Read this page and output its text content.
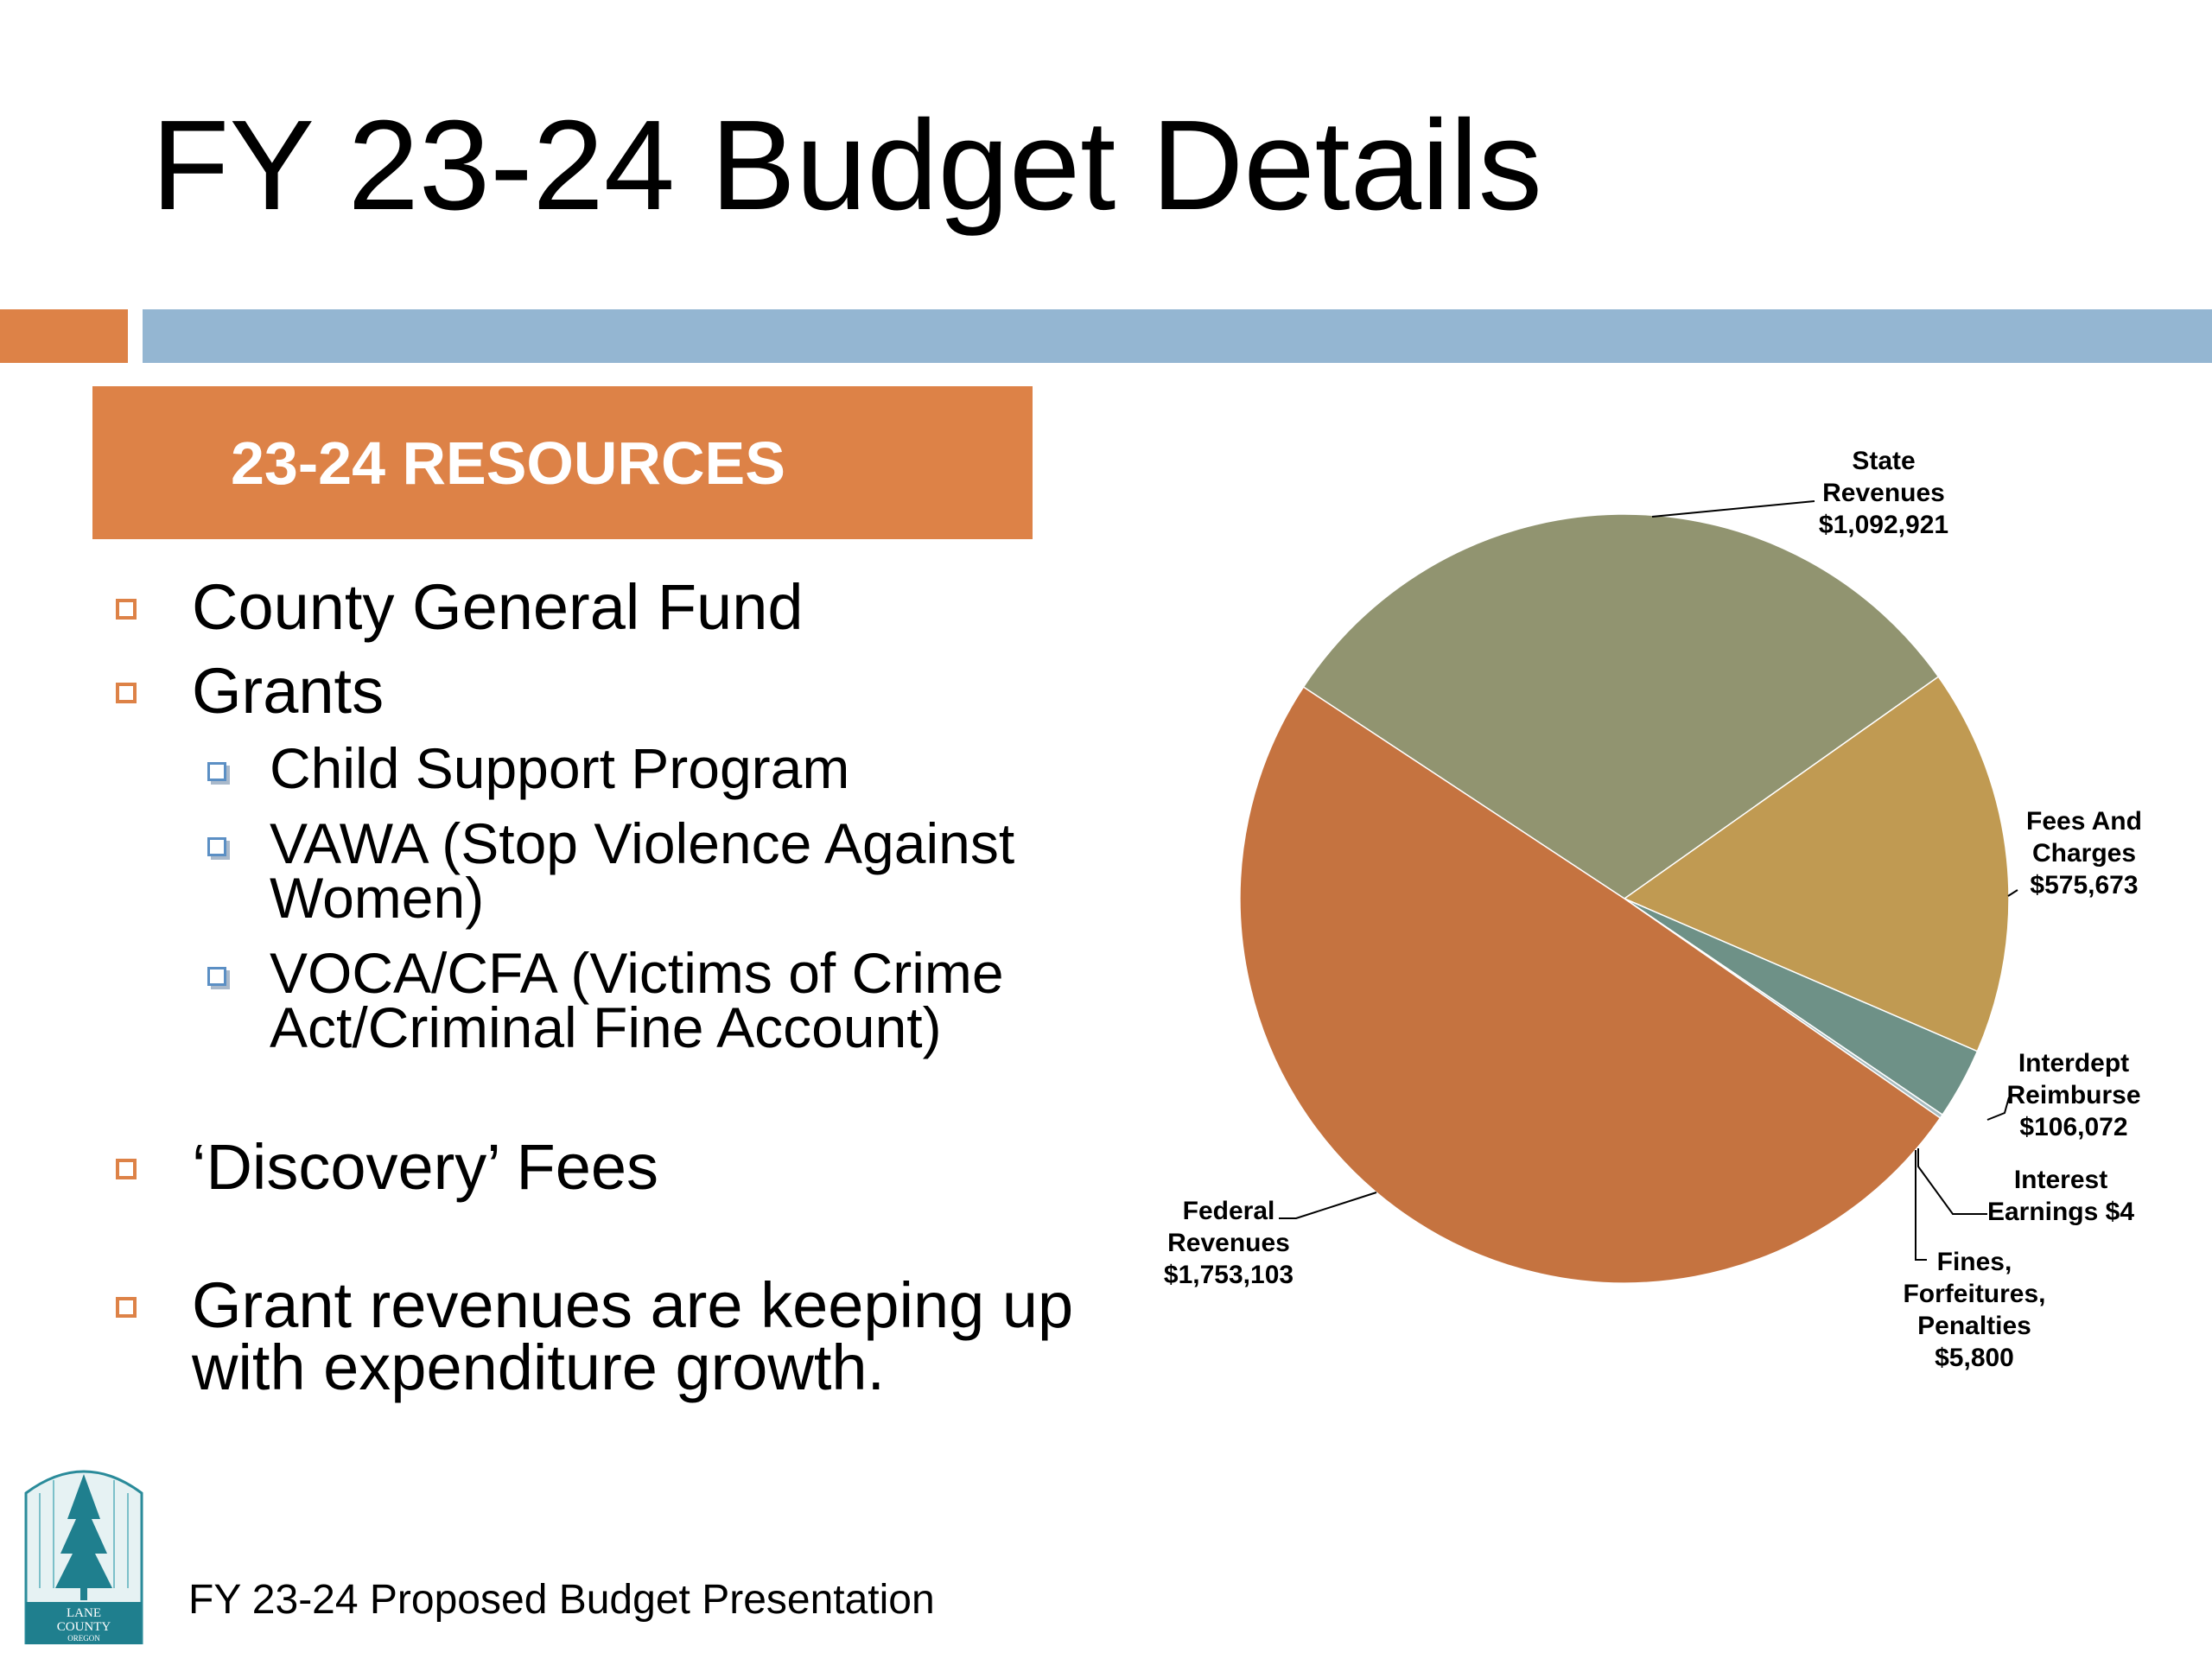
FY 23-24 Budget Details
23-24 RESOURCES
County General Fund
Grants
Child Support Program
VAWA (Stop Violence Against
Women)
VOCA/CFA (Victims of Crime
Act/Criminal Fine Account)
‘Discovery’ Fees
Grant revenues are keeping up
with expenditure growth.
LANE
COUNTY
OREGON
FY 23-24 Proposed Budget Presentation
State Revenues $1,092,921
Fees And Charges $575,673
Interdept Reimburse $106,072
Interest Earnings $4
Fines, Forfeitures, Penalties $5,800
Federal Revenues $1,753,103
